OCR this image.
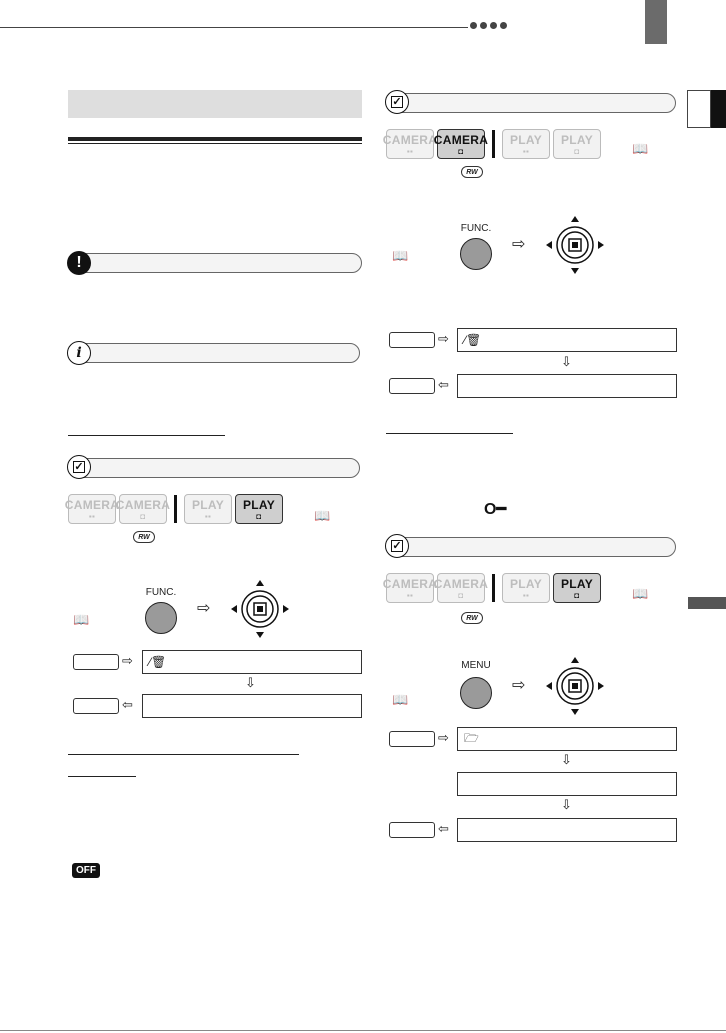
!
i
✓
CAMERA
▪▪
CAMERA
◘
PLAY
▪▪
PLAY
◘	📖
RW
📖
FUNC.
⇨
⇨ ⁄🗑
⇩
⇦
OFF
✓
CAMERA
▪▪
CAMERA
◘
PLAY
▪▪
PLAY
◘	📖
RW
📖
FUNC.
⇨
⇨ ⁄🗑
⇩
⇦
O━
✓
CAMERA
▪▪
CAMERA
◘
PLAY
▪▪
PLAY
◘	📖
RW
📖
MENU
⇨
⇨ 🗁
⇩
⇩
⇦
